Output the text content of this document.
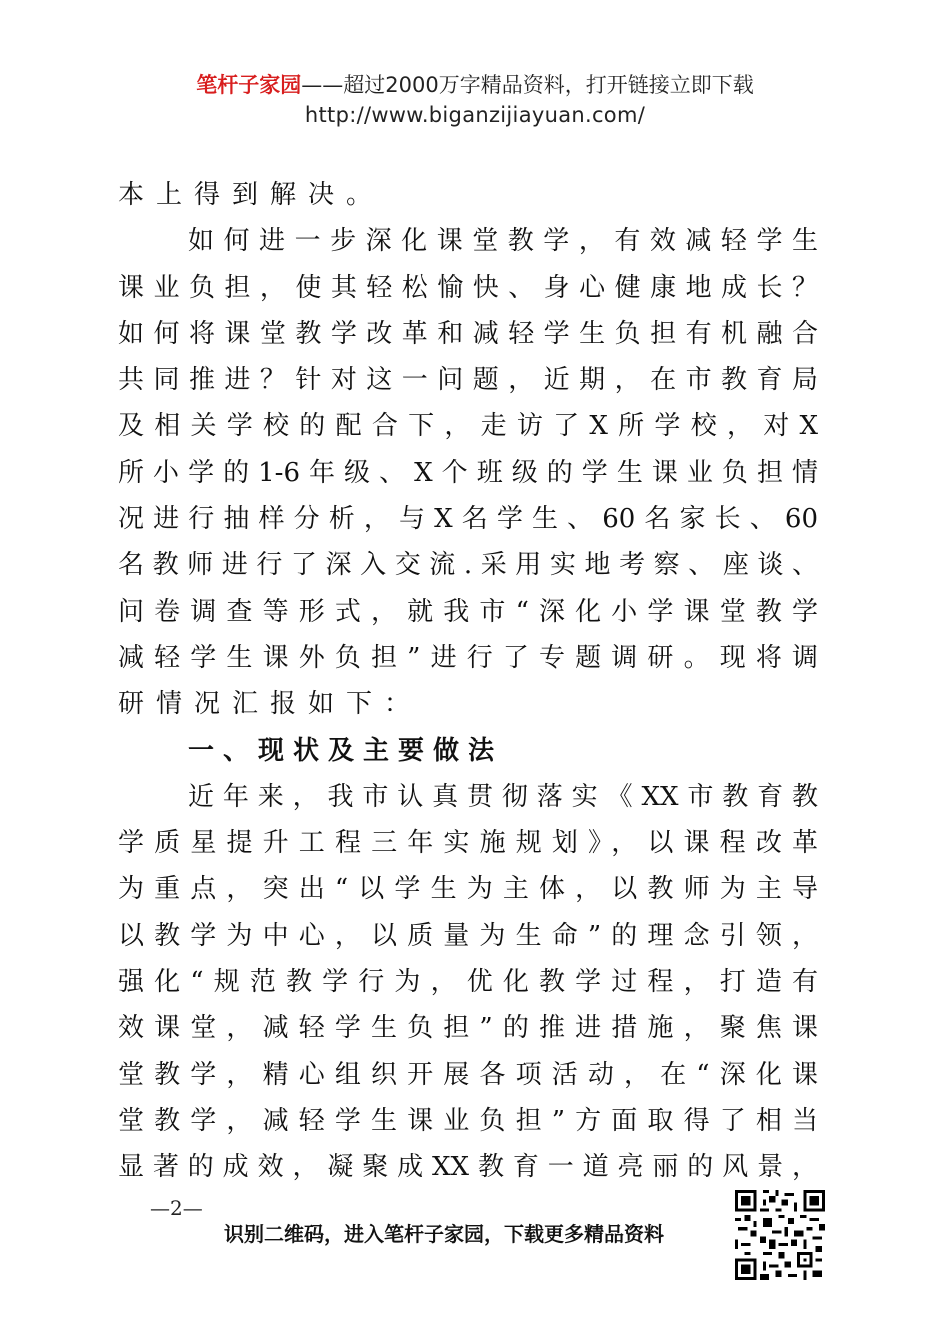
笔杆子家园——超过2000万字精品资料，打开链接立即下载
http://www.biganzijiayuan.com/
本上得到解决。
如何进一步深化课堂教学，有效减轻学生
课业负担，使其轻松愉快、身心健康地成长？
如何将课堂教学改革和减轻学生负担有机融合
共同推进？针对这一问题，近期，在市教育局
及相关学校的配合下，走访了X所学校，对X
所小学的1-6年级、X个班级的学生课业负担情
况进行抽样分析，与X名学生、60名家长、60
名教师进行了深入交流.采用实地考察、座谈、
问卷调查等形式，就我市“深化小学课堂教学
减轻学生课外负担”进行了专题调研。现将调
研情况汇报如下：
一、现状及主要做法
近年来，我市认真贯彻落实《XX市教育教
学质星提升工程三年实施规划》，以课程改革
为重点，突出“以学生为主体，以教师为主导
以教学为中心，以质量为生命”的理念引领，
强化“规范教学行为，优化教学过程，打造有
效课堂，减轻学生负担”的推进措施，聚焦课
堂教学，精心组织开展各项活动，在“深化课
堂教学，减轻学生课业负担”方面取得了相当
显著的成效，凝聚成XX教育一道亮丽的风景，
—2—
识别二维码，进入笔杆子家园，下载更多精品资料
